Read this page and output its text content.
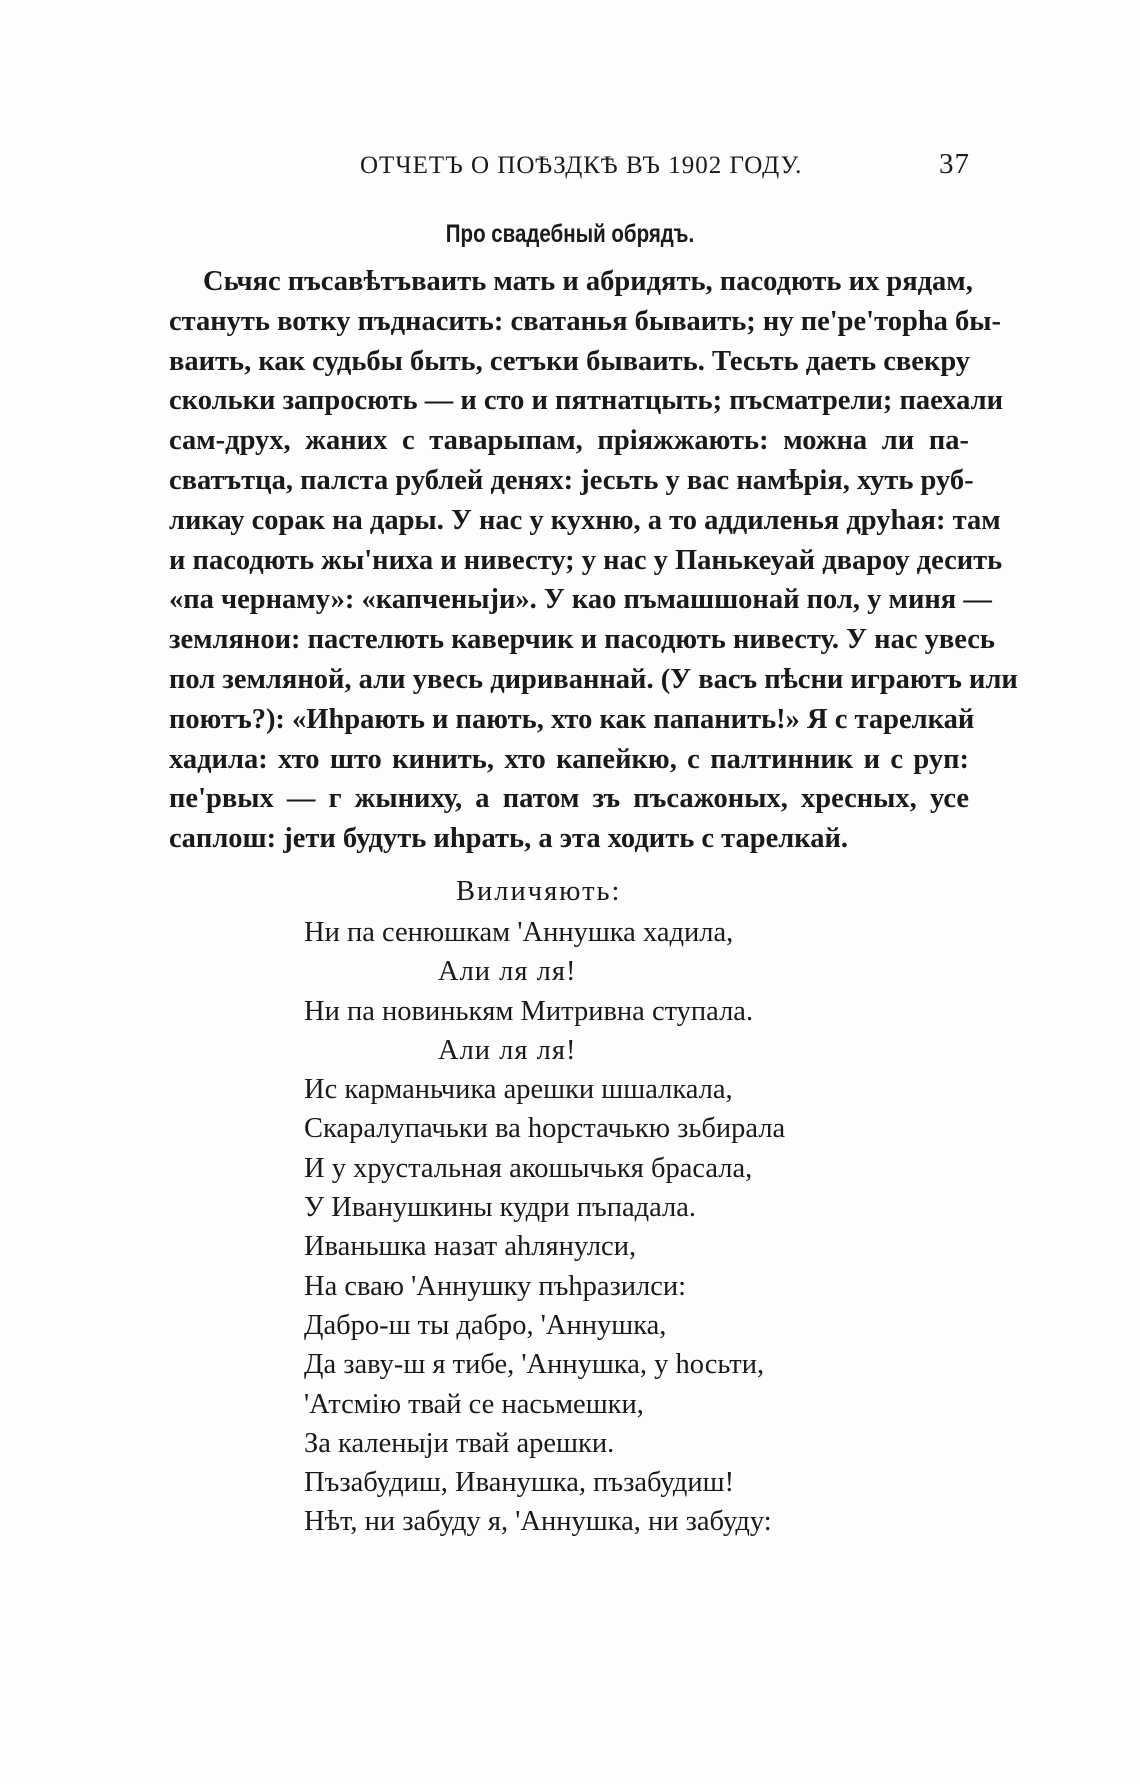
ОТЧЕТЪ О ПОѢЗДКѢ ВЪ 1902 ГОДУ.	37
Про свадебный обрядъ.
Сьчяс пъсавѣтъваить мать и абридять, пасодють их рядам,
стануть вотку пъднасить: сватанья бываить; ну пе'ре'торhа бы-
ваить, как судьбы быть, сетъки бываить. Тесьть даеть свекру
скольки запросють — и сто и пятнатцыть; пъсматрели; паехали
сам-друх, жаних с таварыпам, пріяжжають: можна ли па-
сватътца, палста рублей денях: jесьть у вас намѣрія, хуть руб-
ликау сорак на дары. У нас у кухню, а то аддиленья друhая: там
и пасодють жы'ниха и нивесту; у нас у Панькеуай двароу десить
«па чернаму»: «капченыjи». У као пъмашшонай пол, у миня —
землянои: пастелють каверчик и пасодють нивесту. У нас увесь
пол земляной, али увесь дириваннай. (У васъ пѣсни играютъ или
поютъ?): «Иhрають и пають, хто как папанить!» Я с тарелкай
хадила: хто што кинить, хто капейкю, с палтинник и с руп:
пе'рвых — г жыниху, а патом зъ пъсажоных, хресных, усе
сaплош: jети будуть иhрать, а эта ходить с тарелкай.
Виличяють:
Ни па сенюшкам 'Аннушка хадила,
Али ля ля!
Ни па новинькям Митривна ступала.
Али ля ля!
Ис карманьчика арешки шшалкала,
Скаралупачьки ва hорстачькю зьбирала
И у хрустальная акошычькя брасала,
У Иванушкины кудри пъпадала.
Иваньшка назат аhлянулси,
На сваю 'Аннушку пъhразилси:
Дабро-ш ты дабро, 'Аннушка,
Да заву-ш я тибе, 'Аннушка, у hосьти,
'Атсмію твай се насьмешки,
За каленыjи твай арешки.
Пъзабудиш, Иванушка, пъзабудиш!
Нѣт, ни забуду я, 'Аннушка, ни забуду:
